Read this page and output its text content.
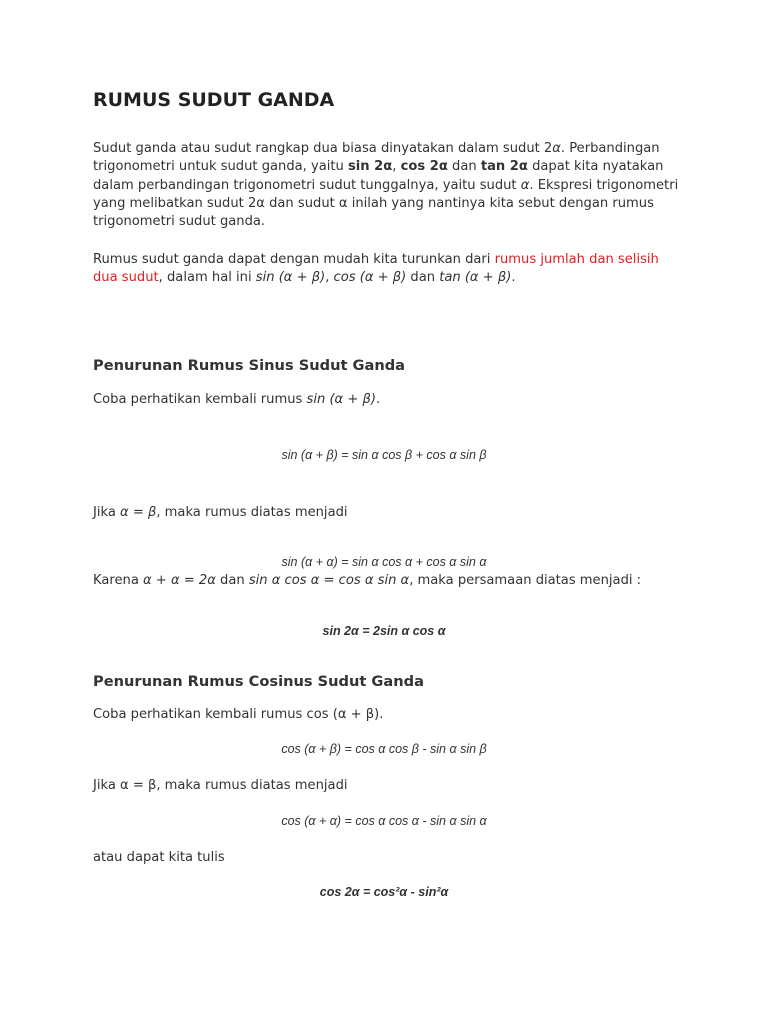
RUMUS SUDUT GANDA
Sudut ganda atau sudut rangkap dua biasa dinyatakan dalam sudut 2α. Perbandingan trigonometri untuk sudut ganda, yaitu sin 2α, cos 2α dan tan 2α dapat kita nyatakan dalam perbandingan trigonometri sudut tunggalnya, yaitu sudut α. Ekspresi trigonometri yang melibatkan sudut 2α dan sudut α inilah yang nantinya kita sebut dengan rumus trigonometri sudut ganda.
Rumus sudut ganda dapat dengan mudah kita turunkan dari rumus jumlah dan selisih dua sudut, dalam hal ini sin (α + β), cos (α + β) dan tan (α + β).
Penurunan Rumus Sinus Sudut Ganda
Coba perhatikan kembali rumus sin (α + β).
sin (α + β) = sin α cos β + cos α sin β
Jika α = β, maka rumus diatas menjadi
sin (α + α) = sin α cos α + cos α sin α
Karena α + α = 2α dan sin α cos α = cos α sin α, maka persamaan diatas menjadi :
sin 2α = 2sin α cos α
Penurunan Rumus Cosinus Sudut Ganda
Coba perhatikan kembali rumus cos (α + β).
cos (α + β) = cos α cos β - sin α sin β
Jika α = β, maka rumus diatas menjadi
cos (α + α) = cos α cos α - sin α sin α
atau dapat kita tulis
cos 2α = cos²α - sin²α
